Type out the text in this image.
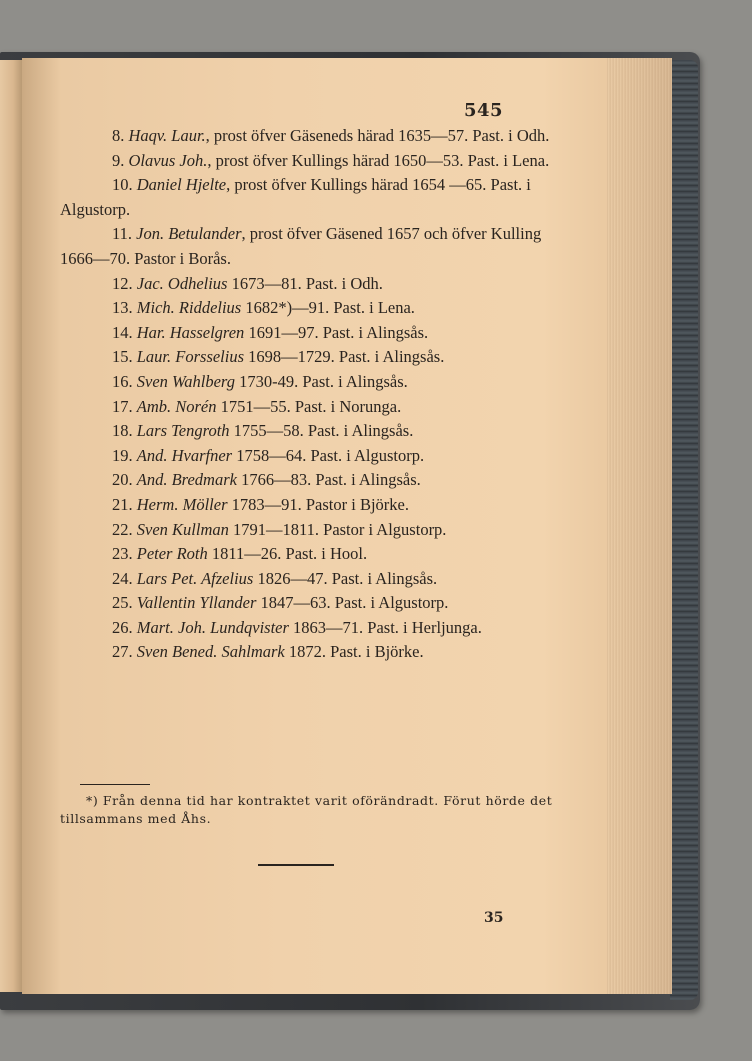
545
8. Haqv. Laur., prost öfver Gäseneds härad 1635—57. Past. i Odh.
9. Olavus Joh., prost öfver Kullings härad 1650—53. Past. i Lena.
10. Daniel Hjelte, prost öfver Kullings härad 1654 —65. Past. i Algustorp.
11. Jon. Betulander, prost öfver Gäsened 1657 och öfver Kulling 1666—70. Pastor i Borås.
12. Jac. Odhelius 1673—81. Past. i Odh.
13. Mich. Riddelius 1682*)—91. Past. i Lena.
14. Har. Hasselgren 1691—97. Past. i Alingsås.
15. Laur. Forsselius 1698—1729. Past. i Alingsås.
16. Sven Wahlberg 1730-49. Past. i Alingsås.
17. Amb. Norén 1751—55. Past. i Norunga.
18. Lars Tengroth 1755—58. Past. i Alingsås.
19. And. Hvarfner 1758—64. Past. i Algustorp.
20. And. Bredmark 1766—83. Past. i Alingsås.
21. Herm. Möller 1783—91. Pastor i Björke.
22. Sven Kullman 1791—1811. Pastor i Algustorp.
23. Peter Roth 1811—26. Past. i Hool.
24. Lars Pet. Afzelius 1826—47. Past. i Alingsås.
25. Vallentin Yllander 1847—63. Past. i Algustorp.
26. Mart. Joh. Lundqvister 1863—71. Past. i Herljunga.
27. Sven Bened. Sahlmark 1872. Past. i Björke.
*) Från denna tid har kontraktet varit oförändradt. Förut hörde det tillsammans med Åhs.
35
